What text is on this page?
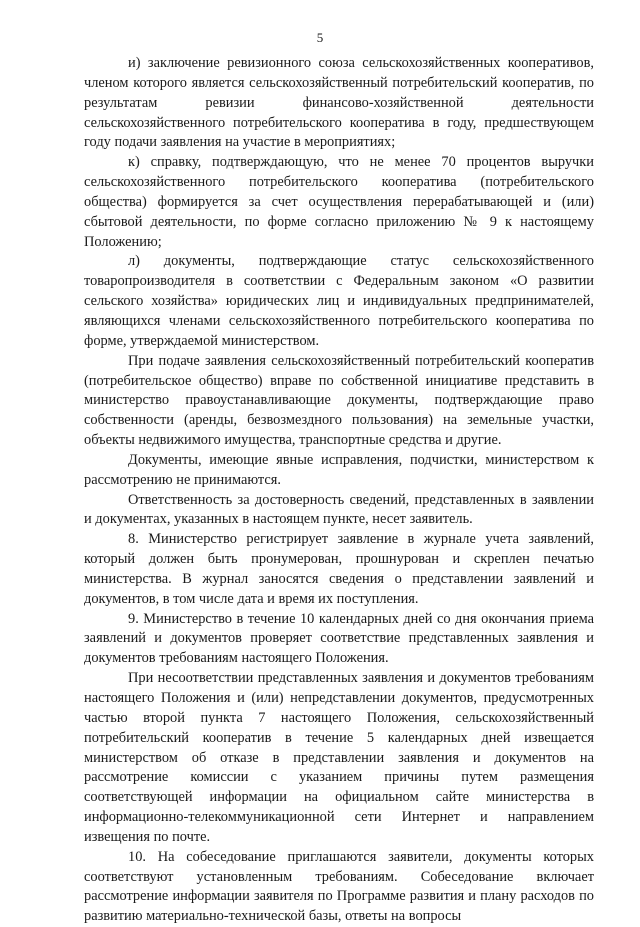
5

и) заключение ревизионного союза сельскохозяйственных кооперативов, членом которого является сельскохозяйственный потребительский кооператив, по результатам ревизии финансово-хозяйственной деятельности сельскохозяйственного потребительского кооператива в году, предшествующем году подачи заявления на участие в мероприятиях;

к) справку, подтверждающую, что не менее 70 процентов выручки сельскохозяйственного потребительского кооператива (потребительского общества) формируется за счет осуществления перерабатывающей и (или) сбытовой деятельности, по форме согласно приложению № 9 к настоящему Положению;

л) документы, подтверждающие статус сельскохозяйственного товаропроизводителя в соответствии с Федеральным законом «О развитии сельского хозяйства» юридических лиц и индивидуальных предпринимателей, являющихся членами сельскохозяйственного потребительского кооператива по форме, утверждаемой министерством.

При подаче заявления сельскохозяйственный потребительский кооператив (потребительское общество) вправе по собственной инициативе представить в министерство правоустанавливающие документы, подтверждающие право собственности (аренды, безвозмездного пользования) на земельные участки, объекты недвижимого имущества, транспортные средства и другие.

Документы, имеющие явные исправления, подчистки, министерством к рассмотрению не принимаются.

Ответственность за достоверность сведений, представленных в заявлении и документах, указанных в настоящем пункте, несет заявитель.

8. Министерство регистрирует заявление в журнале учета заявлений, который должен быть пронумерован, прошнурован и скреплен печатью министерства. В журнал заносятся сведения о представлении заявлений и документов, в том числе дата и время их поступления.

9. Министерство в течение 10 календарных дней со дня окончания приема заявлений и документов проверяет соответствие представленных заявления и документов требованиям настоящего Положения.

При несоответствии представленных заявления и документов требованиям настоящего Положения и (или) непредставлении документов, предусмотренных частью второй пункта 7 настоящего Положения, сельскохозяйственный потребительский кооператив в течение 5 календарных дней извещается министерством об отказе в представлении заявления и документов на рассмотрение комиссии с указанием причины путем размещения соответствующей информации на официальном сайте министерства в информационно-телекоммуникационной сети Интернет и направлением извещения по почте.

10. На собеседование приглашаются заявители, документы которых соответствуют установленным требованиям. Собеседование включает рассмотрение информации заявителя по Программе развития и плану расходов по развитию материально-технической базы, ответы на вопросы
